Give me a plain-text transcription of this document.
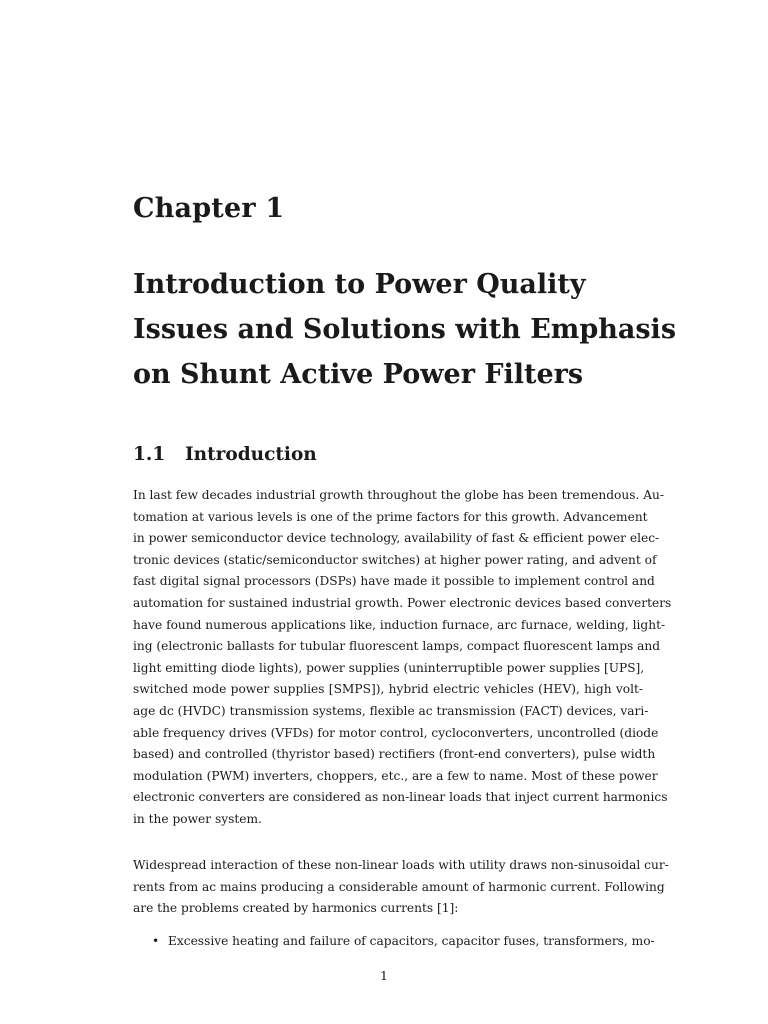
Chapter 1
Introduction to Power Quality
Issues and Solutions with Emphasis
on Shunt Active Power Filters
1.1 Introduction
In last few decades industrial growth throughout the globe has been tremendous. Au-
tomation at various levels is one of the prime factors for this growth. Advancement
in power semiconductor device technology, availability of fast & efficient power elec-
tronic devices (static/semiconductor switches) at higher power rating, and advent of
fast digital signal processors (DSPs) have made it possible to implement control and
automation for sustained industrial growth. Power electronic devices based converters
have found numerous applications like, induction furnace, arc furnace, welding, light-
ing (electronic ballasts for tubular fluorescent lamps, compact fluorescent lamps and
light emitting diode lights), power supplies (uninterruptible power supplies [UPS],
switched mode power supplies [SMPS]), hybrid electric vehicles (HEV), high volt-
age dc (HVDC) transmission systems, flexible ac transmission (FACT) devices, vari-
able frequency drives (VFDs) for motor control, cycloconverters, uncontrolled (diode
based) and controlled (thyristor based) rectifiers (front-end converters), pulse width
modulation (PWM) inverters, choppers, etc., are a few to name. Most of these power
electronic converters are considered as non-linear loads that inject current harmonics
in the power system.
Widespread interaction of these non-linear loads with utility draws non-sinusoidal cur-
rents from ac mains producing a considerable amount of harmonic current. Following
are the problems created by harmonics currents [1]:
• Excessive heating and failure of capacitors, capacitor fuses, transformers, mo-
1
